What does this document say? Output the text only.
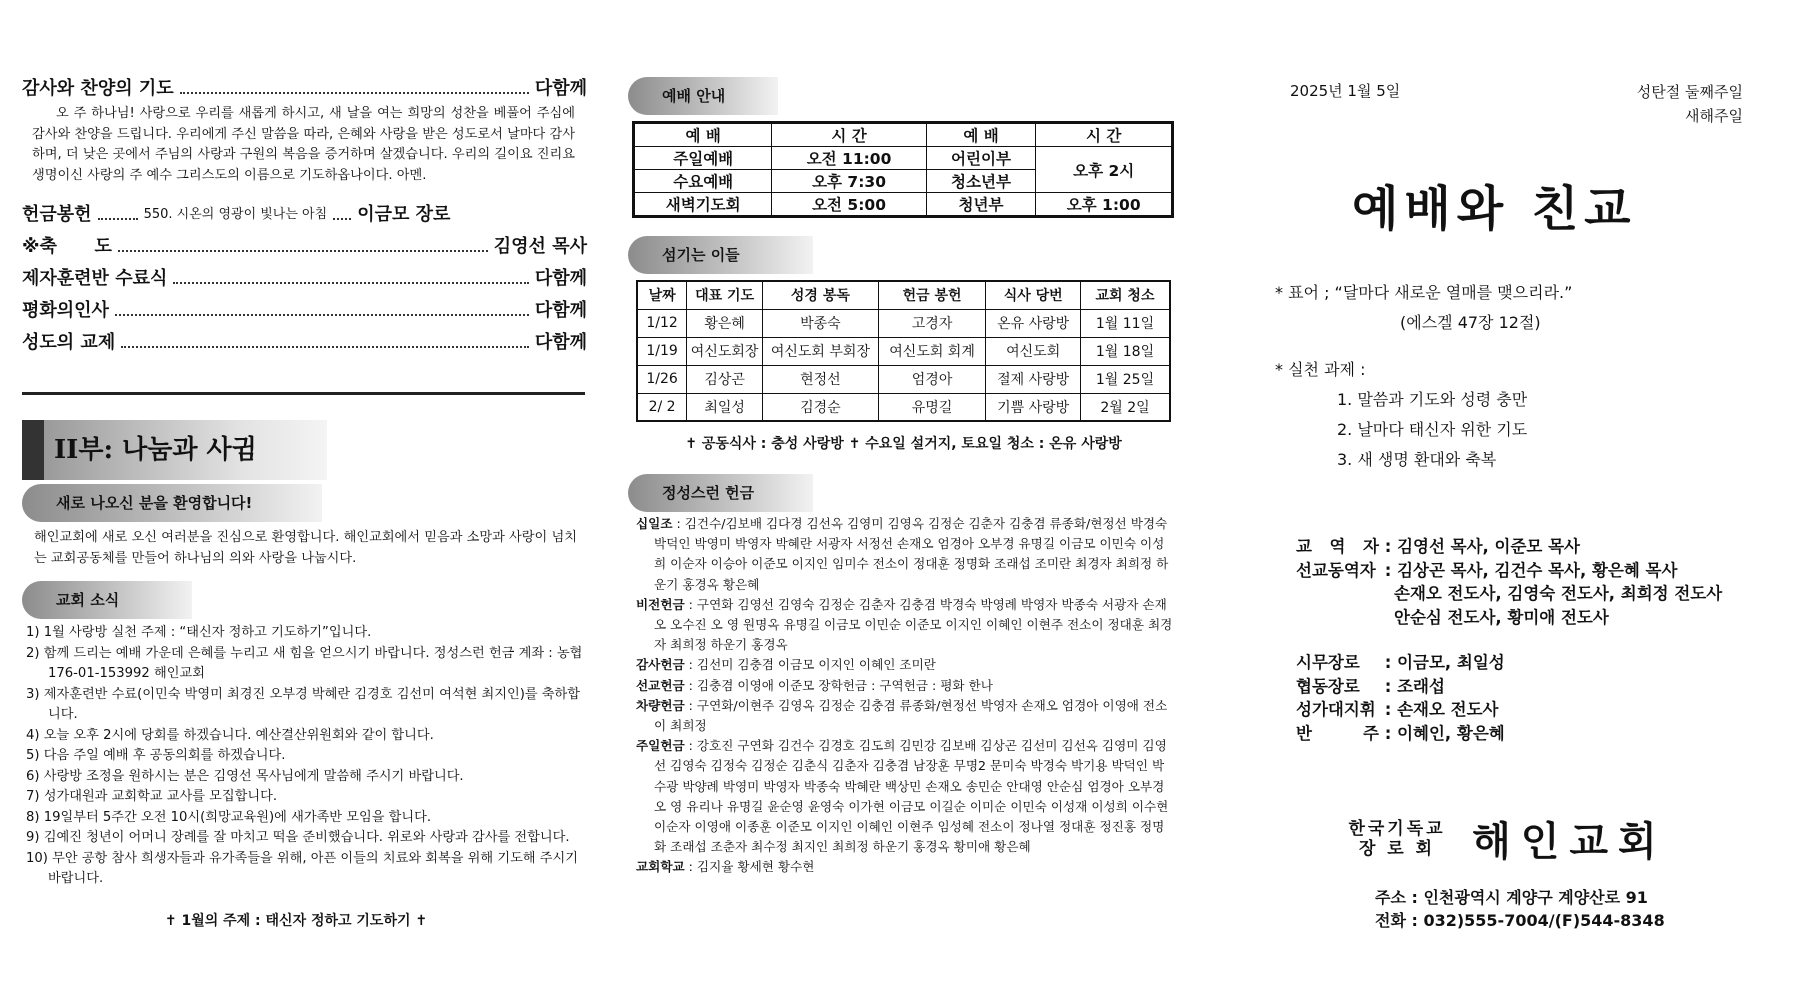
감사와 찬양의 기도	다함께

오 주 하나님! 사랑으로 우리를 새롭게 하시고, 새 날을 여는 희망의 성찬을 베풀어 주심에 감사와 찬양을 드립니다. 우리에게 주신 말씀을 따라, 은혜와 사랑을 받은 성도로서 날마다 감사하며, 더 낮은 곳에서 주님의 사랑과 구원의 복음을 증거하며 살겠습니다. 우리의 길이요 진리요 생명이신 사랑의 주 예수 그리스도의 이름으로 기도하옵나이다. 아멘.

헌금봉헌	550. 시온의 영광이 빛나는 아침 이금모 장로
※축      도	김영선 목사
제자훈련반 수료식	다함께
평화의인사	다함께
성도의 교제	다함께
II부: 나눔과 사귐
새로 나오신 분을 환영합니다!

해인교회에 새로 오신 여러분을 진심으로 환영합니다. 해인교회에서 믿음과 소망과 사랑이 넘치는 교회공동체를 만들어 하나님의 의와 사랑을 나눕시다.

교회 소식
1) 1월 사랑방 실천 주제 : “태신자 정하고 기도하기”입니다.
2) 함께 드리는 예배 가운데 은혜를 누리고 새 힘을 얻으시기 바랍니다. 정성스런 헌금 계좌 : 농협 176-01-153992 해인교회
3) 제자훈련반 수료(이민숙 박영미 최경진 오부경 박혜란 김경호 김선미 여석현 최지인)를 축하합니다.
4) 오늘 오후 2시에 당회를 하겠습니다. 예산결산위원회와 같이 합니다.
5) 다음 주일 예배 후 공동의회를 하겠습니다.
6) 사랑방 조정을 원하시는 분은 김영선 목사님에게 말씀해 주시기 바랍니다.
7) 성가대원과 교회학교 교사를 모집합니다.
8) 19일부터 5주간 오전 10시(희망교육원)에 새가족반 모임을 합니다.
9) 김예진 청년이 어머니 장례를 잘 마치고 떡을 준비했습니다. 위로와 사랑과 감사를 전합니다.
10) 무안 공항 참사 희생자들과 유가족들을 위해, 아픈 이들의 치료와 회복을 위해 기도해 주시기 바랍니다.
✝ 1월의 주제 : 태신자 정하고 기도하기 ✝
예배 안내
예 배	시 간	예 배	시 간
주일예배	오전 11:00	어린이부	오후 2시
수요예배	오후 7:30	청소년부	
새벽기도회	오전 5:00	청년부	오후 1:00
섬기는 이들
날짜	대표 기도	성경 봉독	헌금 봉헌	식사 당번	교회 청소
1/12	황은혜	박종숙	고경자	온유 사랑방	1월 11일
1/19	여신도회장	여신도회 부회장	여신도회 회계	여신도회	1월 18일
1/26	김상곤	현정선	엄경아	절제 사랑방	1월 25일
2/ 2	최일성	김경순	유명길	기쁨 사랑방	2월 2일
✝ 공동식사 : 충성 사랑방 ✝ 수요일 설거지, 토요일 청소 : 온유 사랑방
정성스런 헌금

십일조 : 김건수/김보배 김다경 김선옥 김영미 김영옥 김정순 김춘자 김충겸 류종화/현정선 박경숙 박덕인 박영미 박영자 박혜란 서광자 서정선 손재오 엄경아 오부경 유명길 이금모 이민숙 이성희 이순자 이승아 이준모 이지인 임미수 전소이 정대훈 정명화 조래섭 조미란 최경자 최희정 하운기 홍경옥 황은혜

비전헌금 : 구연화 김영선 김영숙 김정순 김춘자 김충겸 박경숙 박영례 박영자 박종숙 서광자 손재오 오수진 오 영 원명옥 유명길 이금모 이민순 이준모 이지인 이혜인 이현주 전소이 정대훈 최경자 최희정 하운기 홍경옥

감사헌금 : 김선미 김충겸 이금모 이지인 이혜인 조미란

선교헌금 : 김충겸 이영애 이준모 장학헌금 : 구역헌금 : 평화 한나

차량헌금 : 구연화/이현주 김영옥 김정순 김충겸 류종화/현정선 박영자 손재오 엄경아 이영애 전소이 최희정

주일헌금 : 강호진 구연화 김건수 김경호 김도희 김민강 김보배 김상곤 김선미 김선옥 김영미 김영선 김영숙 김정숙 김정순 김춘식 김춘자 김충겸 남장훈 무명2 문미숙 박경숙 박기용 박덕인 박수광 박양례 박영미 박영자 박종숙 박혜란 백상민 손재오 송민순 안대영 안순심 엄경아 오부경 오 영 유리나 유명길 윤순영 윤영숙 이가현 이금모 이길순 이미순 이민숙 이성재 이성희 이수현 이순자 이영애 이종훈 이준모 이지인 이혜인 이현주 임성혜 전소이 정나열 정대훈 정진홍 정명화 조래섭 조춘자 최수정 최지인 최희정 하운기 홍경옥 황미애 황은혜

교회학교 : 김지율 황세현 황수현

2025년 1월 5일	성탄절 둘째주일
새해주일
예배와 친교
* 표어 ; “달마다 새로운 열매를 맺으리라.”
(에스겔 47장 12절)
* 실천 과제 :
1. 말씀과 기도와 성령 충만
2. 날마다 태신자 위한 기도
3. 새 생명 환대와 축복
교 역 자 : 김영선 목사, 이준모 목사
선교동역자 : 김상곤 목사, 김건수 목사, 황은혜 목사
손재오 전도사, 김영숙 전도사, 최희정 전도사
안순심 전도사, 황미애 전도사
시무장로 : 이금모, 최일성
협동장로 : 조래섭
성가대지휘 : 손재오 전도사
반 주 : 이혜인, 황은혜
한국기독교
장 로 회 해인교회
주소 : 인천광역시 계양구 계양산로 91
전화 : 032)555-7004/(F)544-8348
